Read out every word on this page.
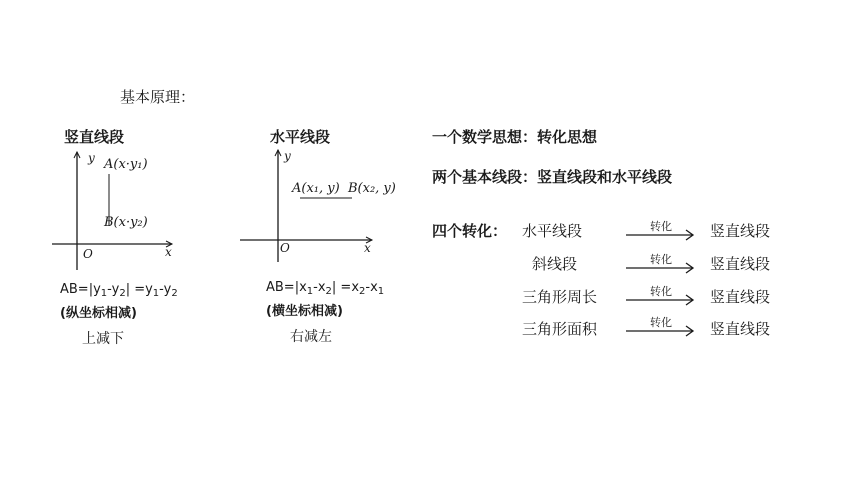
基本原理：
竖直线段
y
x
O
A(x·y₁)
B(x·y₂)
$AB=|y_1-y_2| =y_1-y_2$
(纵坐标相减)
上减下
水平线段
y
x
O
A(x₁, y) B(x₂, y)
$AB=|x_1-x_2| =x_2-x_1$
(横坐标相减)
右减左
一个数学思想：转化思想
两个基本线段：竖直线段和水平线段
四个转化： 水平线段
斜线段
三角形周长
三角形面积
转化
转化
转化
转化
竖直线段
竖直线段
竖直线段
竖直线段
